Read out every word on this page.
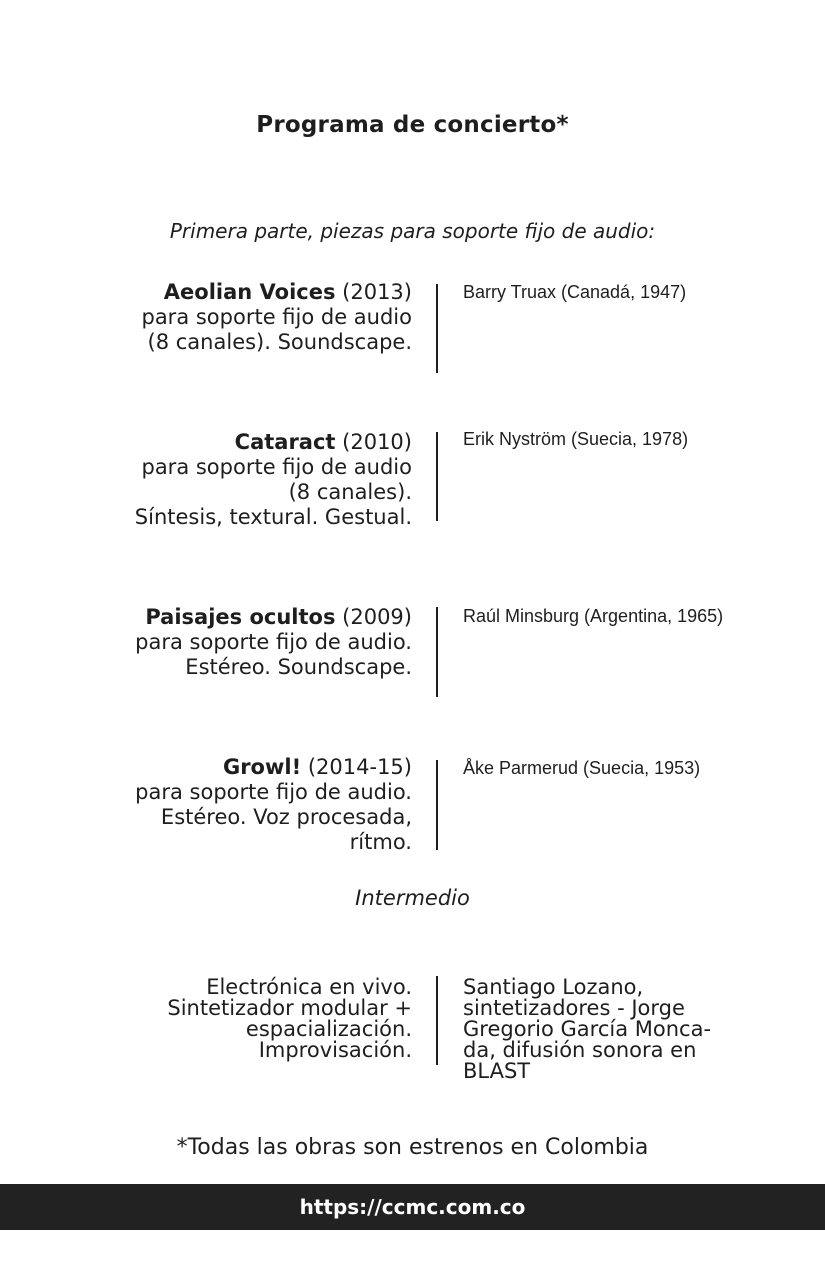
Programa de concierto*
Primera parte, piezas para soporte fijo de audio:
Aeolian Voices (2013)
para soporte fijo de audio
(8 canales). Soundscape.
Barry Truax (Canadá, 1947)
Cataract (2010)
para soporte fijo de audio
(8 canales).
Síntesis, textural. Gestual.
Erik Nyström (Suecia, 1978)
Paisajes ocultos (2009)
para soporte fijo de audio.
Estéreo. Soundscape.
Raúl Minsburg (Argentina, 1965)
Growl! (2014-15)
para soporte fijo de audio.
Estéreo. Voz procesada,
rítmo.
Åke Parmerud (Suecia, 1953)
Intermedio
Electrónica en vivo.
Sintetizador modular +
espacialización.
Improvisación.
Santiago Lozano,
sintetizadores - Jorge
Gregorio García Monca-
da, difusión sonora en
BLAST
*Todas las obras son estrenos en Colombia
https://ccmc.com.co
